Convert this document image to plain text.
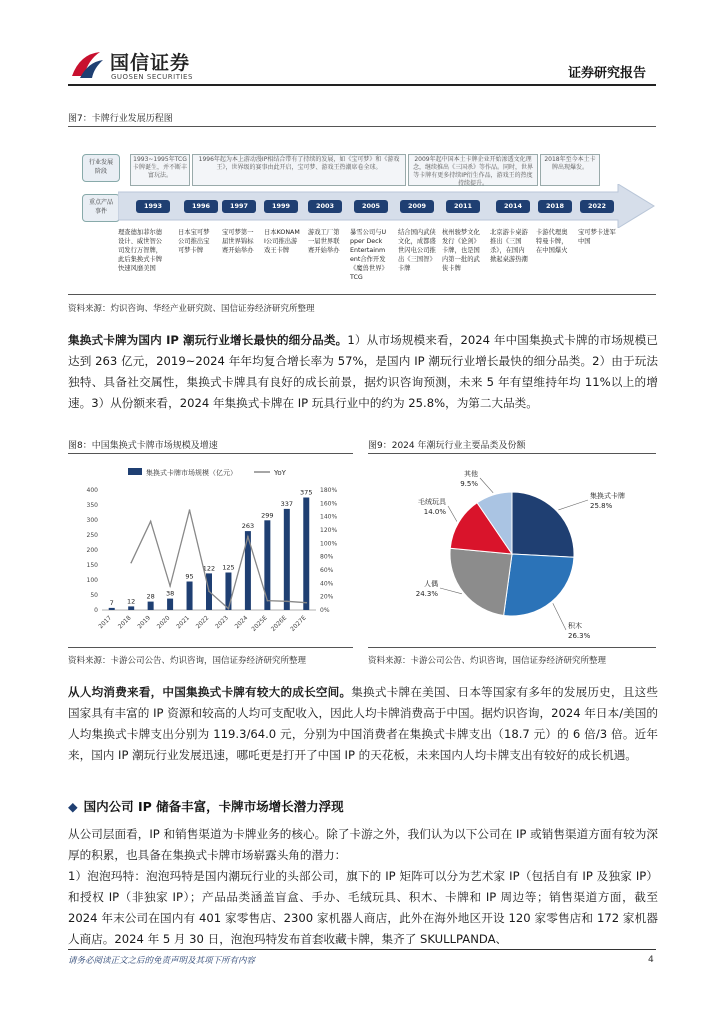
国信证券
GUOSEN SECURITIES	证券研究报告
图7：卡牌行业发展历程图
行业发展阶段
重点产品事件
1993~1995年TCG卡牌诞生，并不断丰富玩法。
1996年起为本上游动漫IP相结合带有了持续的发展，如《宝可梦》和《游戏王》，世界级的赛事由此开启，宝可梦、游戏王热潮席卷全球。
2009年起中国本土卡牌企业开始渗透文化理念，继续推出《三国杀》等作品。同时，世界等卡牌有更多持续IP衍生作品，游戏王的热度持续提升。
2018年至今本土卡牌出现爆发。
1993	1996	1997	1999	2003	2005	2009	2011	2014	2018	2022
理查德加菲尔德设计、威世智公司发行万智牌，此后集换式卡牌快速风靡美国
日本宝可梦公司推出宝可梦卡牌
宝可梦第一届世界锦标赛开始举办
日本KONAMI公司推出游戏王卡牌
游戏工厂第一届世界联赛开始举办
暴雪公司与Upper Deck Entertainment合作开发《魔兽世界》TCG
结合国内武侠文化，成都盛世闪电公司推出《三国智》卡牌
杭州骏梦文化发行《论剑》卡牌，也是国内第一批的武侠卡牌
北京游卡桌游推出《三国杀》，在国内掀起桌游热潮
卡游代理奥特曼卡牌，在中国爆火
宝可梦卡进军中国
资料来源：灼识咨询、华经产业研究院、国信证券经济研究所整理
集换式卡牌为国内 IP 潮玩行业增长最快的细分品类。1）从市场规模来看，2024 年中国集换式卡牌的市场规模已达到 263 亿元，2019~2024 年年均复合增长率为 57%，是国内 IP 潮玩行业增长最快的细分品类。2）由于玩法独特、具备社交属性，集换式卡牌具有良好的成长前景，据灼识咨询预测，未来 5 年有望维持年均 11%以上的增速。3）从份额来看，2024 年集换式卡牌在 IP 玩具行业中的约为 25.8%，为第二大品类。
图8：中国集换式卡牌市场规模及增速
集换式卡牌市场规模（亿元）	YoY
0
50
100
150
200
250
300
350
400
0%
20%
40%
60%
80%
100%
120%
140%
160%
180%
7
2017
12
2018
28
2019
38
2020
95
2021
122
2022
125
2023
263
2024
299
2025E
337
2026E
375
2027E
资料来源：卡游公司公告、灼识咨询，国信证券经济研究所整理
图9：2024 年潮玩行业主要品类及份额
集换式卡牌
25.8%
积木
26.3%
人偶
24.3%
毛绒玩具
14.0%
其他
9.5%
资料来源：卡游公司公告、灼识咨询，国信证券经济研究所整理
从人均消费来看，中国集换式卡牌有较大的成长空间。集换式卡牌在美国、日本等国家有多年的发展历史，且这些国家具有丰富的 IP 资源和较高的人均可支配收入，因此人均卡牌消费高于中国。据灼识咨询，2024 年日本/美国的人均集换式卡牌支出分别为 119.3/64.0 元，分别为中国消费者在集换式卡牌支出（18.7 元）的 6 倍/3 倍。近年来，国内 IP 潮玩行业发展迅速，哪吒更是打开了中国 IP 的天花板，未来国内人均卡牌支出有较好的成长机遇。
◆ 国内公司 IP 储备丰富，卡牌市场增长潜力浮现
从公司层面看，IP 和销售渠道为卡牌业务的核心。除了卡游之外，我们认为以下公司在 IP 或销售渠道方面有较为深厚的积累，也具备在集换式卡牌市场崭露头角的潜力：
1）泡泡玛特：泡泡玛特是国内潮玩行业的头部公司，旗下的 IP 矩阵可以分为艺术家 IP（包括自有 IP 及独家 IP）和授权 IP（非独家 IP）；产品品类涵盖盲盒、手办、毛绒玩具、积木、卡牌和 IP 周边等；销售渠道方面，截至 2024 年末公司在国内有 401 家零售店、2300 家机器人商店，此外在海外地区开设 120 家零售店和 172 家机器人商店。2024 年 5 月 30 日，泡泡玛特发布首套收藏卡牌，集齐了 SKULLPANDA、
请务必阅读正文之后的免责声明及其项下所有内容	4
